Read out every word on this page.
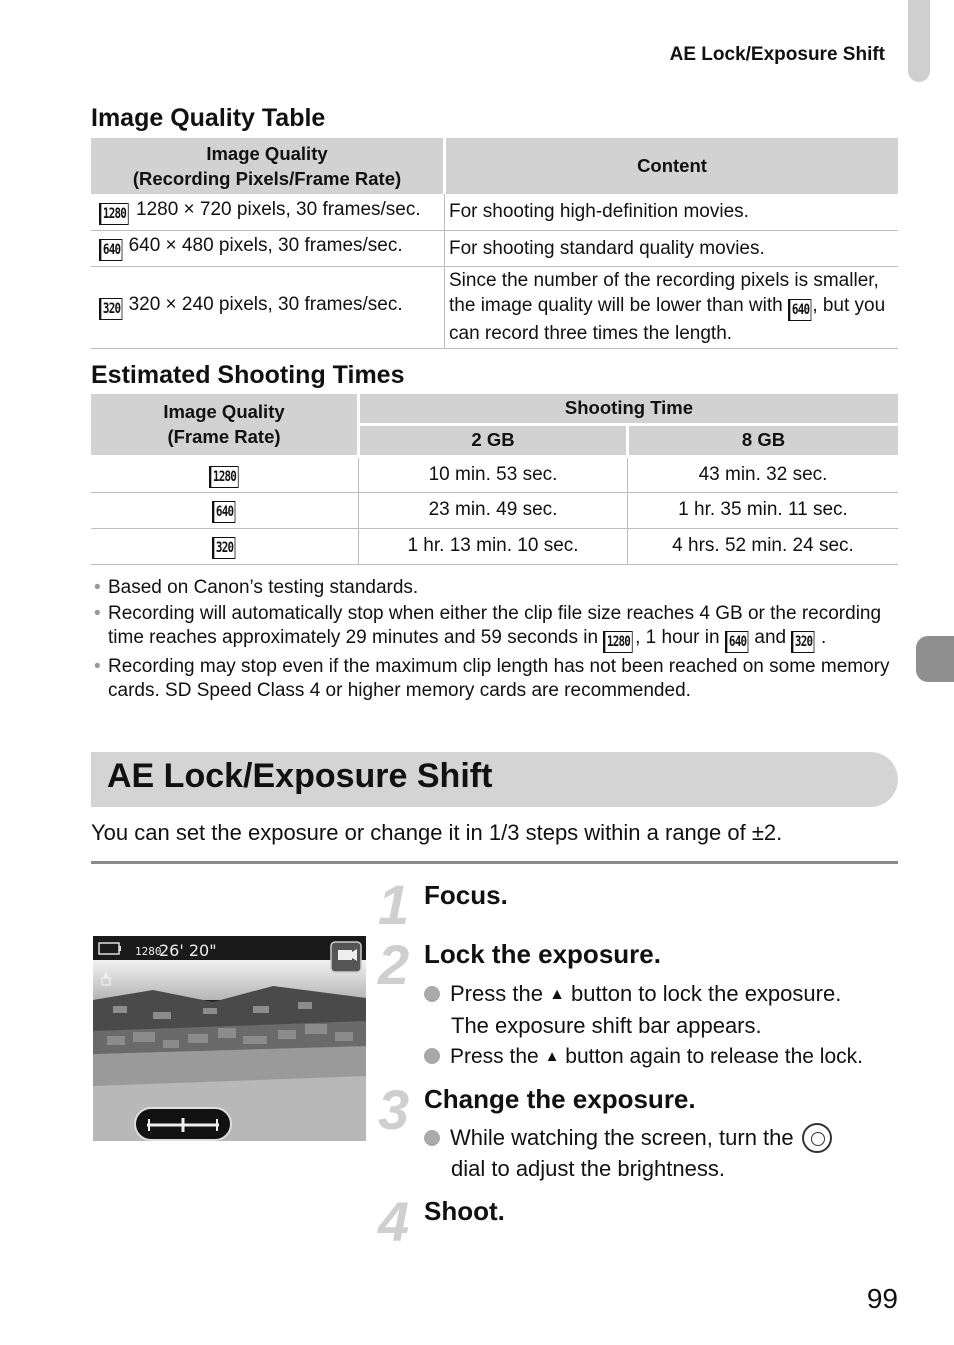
AE Lock/Exposure Shift
Image Quality Table
Image Quality
(Recording Pixels/Frame Rate)	Content
1280 1280 × 720 pixels, 30 frames/sec.	For shooting high-definition movies.
640 640 × 480 pixels, 30 frames/sec.	For shooting standard quality movies.
320 320 × 240 pixels, 30 frames/sec.	Since the number of the recording pixels is smaller, the image quality will be lower than with 640 , but you can record three times the length.
Estimated Shooting Times
Image Quality
(Frame Rate)	Shooting Time	
	2 GB	8 GB
1280	10 min. 53 sec.	43 min. 32 sec.
640	23 min. 49 sec.	1 hr. 35 min. 11 sec.
320	1 hr. 13 min. 10 sec.	4 hrs. 52 min. 24 sec.
• Based on Canon’s testing standards.
• Recording will automatically stop when either the clip file size reaches 4 GB or the recording time reaches approximately 29 minutes and 59 seconds in 1280 , 1 hour in 640 and 320 .
• Recording may stop even if the maximum clip length has not been reached on some memory cards. SD Speed Class 4 or higher memory cards are recommended.
AE Lock/Exposure Shift
You can set the exposure or change it in 1/3 steps within a range of ±2.
1280
26' 20"
1 Focus.
2 Lock the exposure.
Press the ▲ button to lock the exposure.
The exposure shift bar appears.
Press the ▲ button again to release the lock.
3 Change the exposure.
While watching the screen, turn the

dial to adjust the brightness.
4 Shoot.
99
